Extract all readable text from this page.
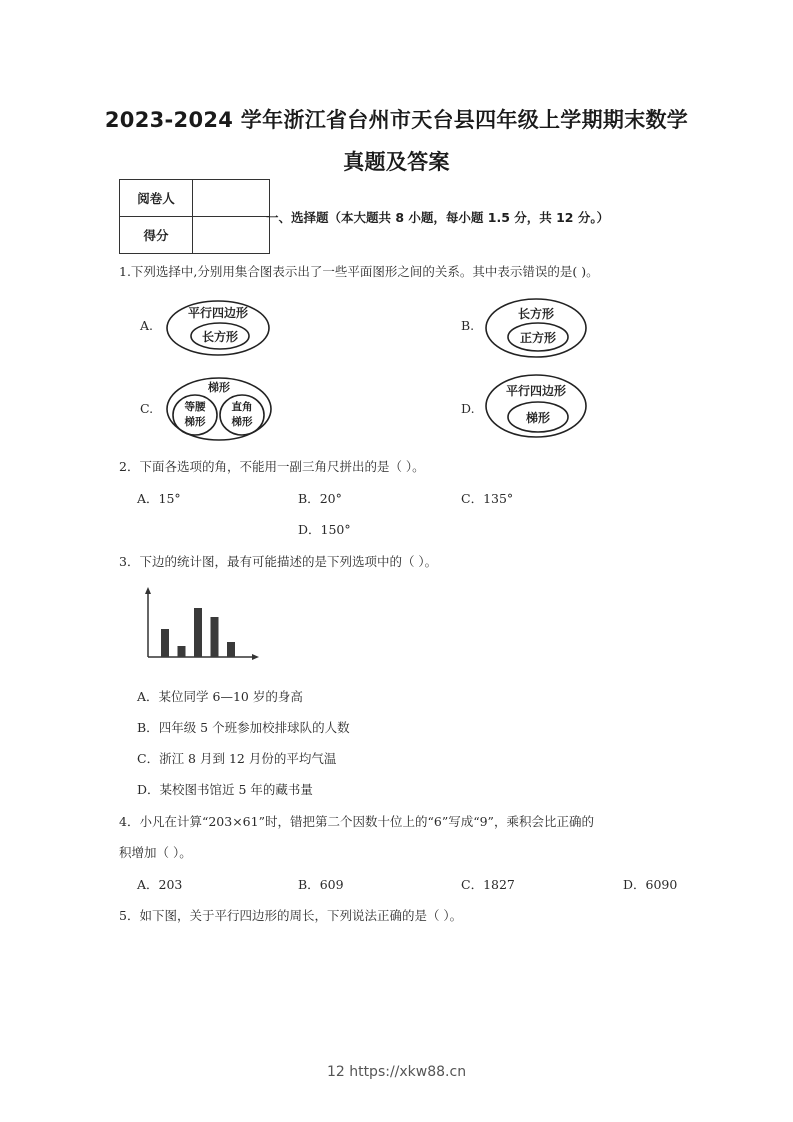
2023-2024 学年浙江省台州市天台县四年级上学期期末数学
真题及答案
阅卷人	
得分	
一、选择题（本大题共 8 小题，每小题 1.5 分，共 12 分。）
1.下列选择中,分别用集合图表示出了一些平面图形之间的关系。其中表示错误的是( )。
A.
平行四边形
长方形
B.
长方形
正方形
C.
梯形
等腰
梯形
直角
梯形
D.
平行四边形
梯形
2．下面各选项的角，不能用一副三角尺拼出的是（ ）。
A．15°	B．20°	C．135°
D．150°
3．下边的统计图，最有可能描述的是下列选项中的（ ）。
A．某位同学 6—10 岁的身高
B．四年级 5 个班参加校排球队的人数
C．浙江 8 月到 12 月份的平均气温
D．某校图书馆近 5 年的藏书量
4．小凡在计算“203×61”时，错把第二个因数十位上的“6”写成“9”，乘积会比正确的
积增加（ ）。
A．203	B．609	C．1827	D．6090
5．如下图，关于平行四边形的周长，下列说法正确的是（ ）。
12 https://xkw88.cn
